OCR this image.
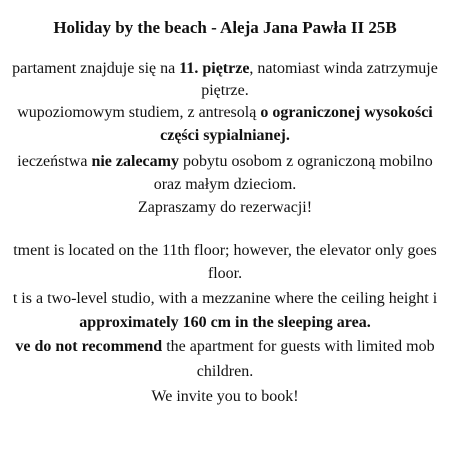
Holiday by the beach - Aleja Jana Pawła II 25B
partament znajduje się na 11. piętrze, natomiast winda zatrzymuje
piętrze.
wupoziomowym studiem, z antresolą o ograniczonej wysokości
części sypialnianej.
ieczeństwa nie zalecamy pobytu osobom z ograniczoną mobilno
oraz małym dzieciom.
Zapraszamy do rezerwacji!
tment is located on the 11th floor; however, the elevator only goes
floor.
t is a two-level studio, with a mezzanine where the ceiling height i
approximately 160 cm in the sleeping area.
ve do not recommend the apartment for guests with limited mob
children.
We invite you to book!
